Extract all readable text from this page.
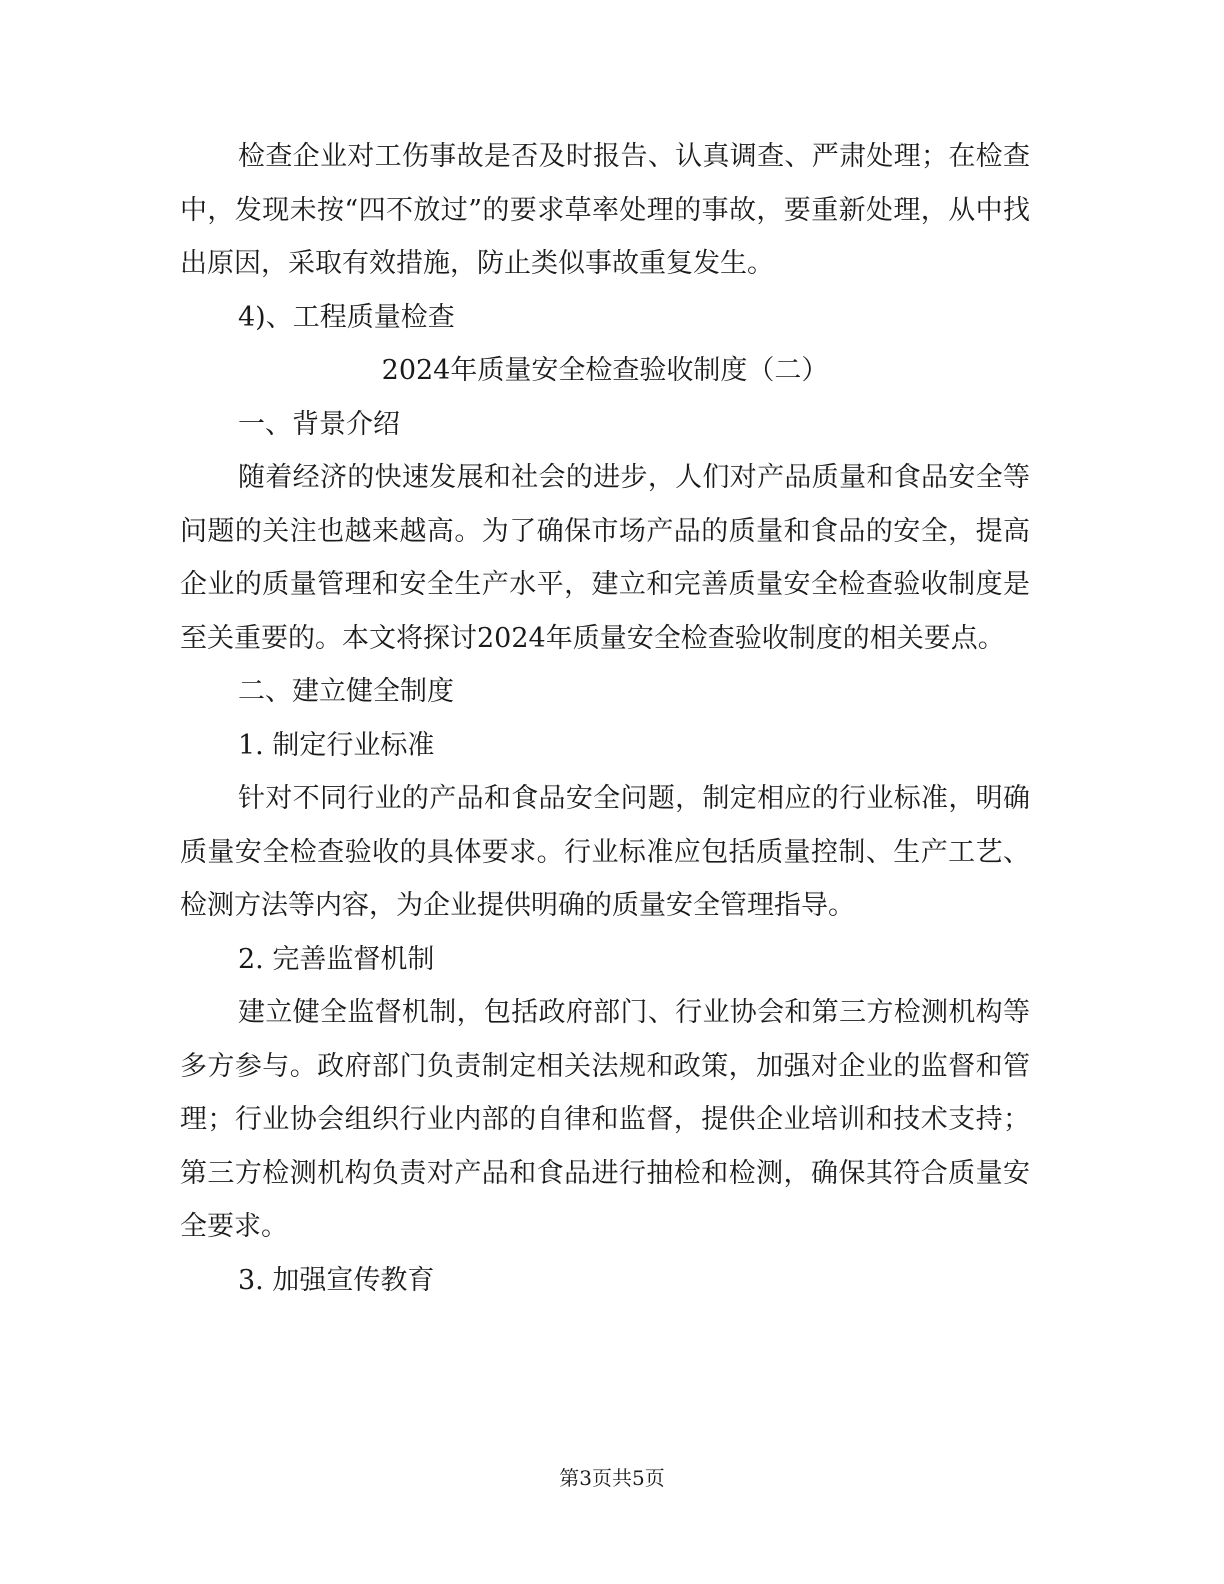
检查企业对工伤事故是否及时报告、认真调查、严肃处理；在检查中，发现未按“四不放过”的要求草率处理的事故，要重新处理，从中找出原因，采取有效措施，防止类似事故重复发生。

4)、工程质量检查

2024年质量安全检查验收制度（二）

一、背景介绍

随着经济的快速发展和社会的进步，人们对产品质量和食品安全等问题的关注也越来越高。为了确保市场产品的质量和食品的安全，提高企业的质量管理和安全生产水平，建立和完善质量安全检查验收制度是至关重要的。本文将探讨2024年质量安全检查验收制度的相关要点。

二、建立健全制度

1. 制定行业标准

针对不同行业的产品和食品安全问题，制定相应的行业标准，明确质量安全检查验收的具体要求。行业标准应包括质量控制、生产工艺、检测方法等内容，为企业提供明确的质量安全管理指导。

2. 完善监督机制

建立健全监督机制，包括政府部门、行业协会和第三方检测机构等多方参与。政府部门负责制定相关法规和政策，加强对企业的监督和管理；行业协会组织行业内部的自律和监督，提供企业培训和技术支持；第三方检测机构负责对产品和食品进行抽检和检测，确保其符合质量安全要求。

3. 加强宣传教育

第3页共5页
